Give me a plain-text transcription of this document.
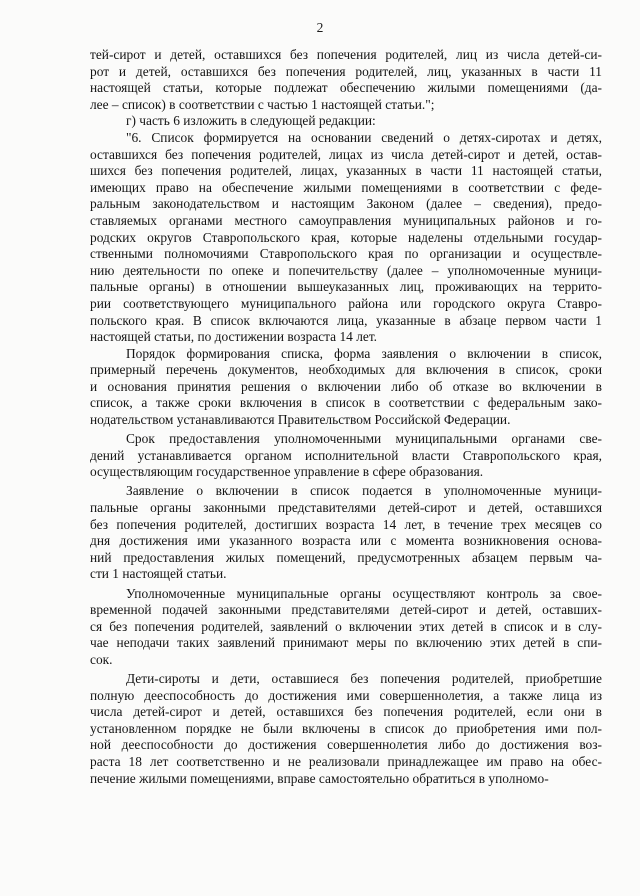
2
тей-сирот и детей, оставшихся без попечения родителей, лиц из числа детей-си-
рот и детей, оставшихся без попечения родителей, лиц, указанных в части 11
настоящей статьи, которые подлежат обеспечению жилыми помещениями (да-
лее – список) в соответствии с частью 1 настоящей статьи.";
г) часть 6 изложить в следующей редакции:
"6. Список формируется на основании сведений о детях-сиротах и детях,
оставшихся без попечения родителей, лицах из числа детей-сирот и детей, остав-
шихся без попечения родителей, лицах, указанных в части 11 настоящей статьи,
имеющих право на обеспечение жилыми помещениями в соответствии с феде-
ральным законодательством и настоящим Законом (далее – сведения), предо-
ставляемых органами местного самоуправления муниципальных районов и го-
родских округов Ставропольского края, которые наделены отдельными государ-
ственными полномочиями Ставропольского края по организации и осуществле-
нию деятельности по опеке и попечительству (далее – уполномоченные муници-
пальные органы) в отношении вышеуказанных лиц, проживающих на террито-
рии соответствующего муниципального района или городского округа Ставро-
польского края. В список включаются лица, указанные в абзаце первом части 1
настоящей статьи, по достижении возраста 14 лет.
Порядок формирования списка, форма заявления о включении в список,
примерный перечень документов, необходимых для включения в список, сроки
и основания принятия решения о включении либо об отказе во включении в
список, а также сроки включения в список в соответствии с федеральным зако-
нодательством устанавливаются Правительством Российской Федерации.
Срок предоставления уполномоченными муниципальными органами све-
дений устанавливается органом исполнительной власти Ставропольского края,
осуществляющим государственное управление в сфере образования.
Заявление о включении в список подается в уполномоченные муници-
пальные органы законными представителями детей-сирот и детей, оставшихся
без попечения родителей, достигших возраста 14 лет, в течение трех месяцев со
дня достижения ими указанного возраста или с момента возникновения основа-
ний предоставления жилых помещений, предусмотренных абзацем первым ча-
сти 1 настоящей статьи.
Уполномоченные муниципальные органы осуществляют контроль за свое-
временной подачей законными представителями детей-сирот и детей, оставших-
ся без попечения родителей, заявлений о включении этих детей в список и в слу-
чае неподачи таких заявлений принимают меры по включению этих детей в спи-
сок.
Дети-сироты и дети, оставшиеся без попечения родителей, приобретшие
полную дееспособность до достижения ими совершеннолетия, а также лица из
числа детей-сирот и детей, оставшихся без попечения родителей, если они в
установленном порядке не были включены в список до приобретения ими пол-
ной дееспособности до достижения совершеннолетия либо до достижения воз-
раста 18 лет соответственно и не реализовали принадлежащее им право на обес-
печение жилыми помещениями, вправе самостоятельно обратиться в уполномо-
